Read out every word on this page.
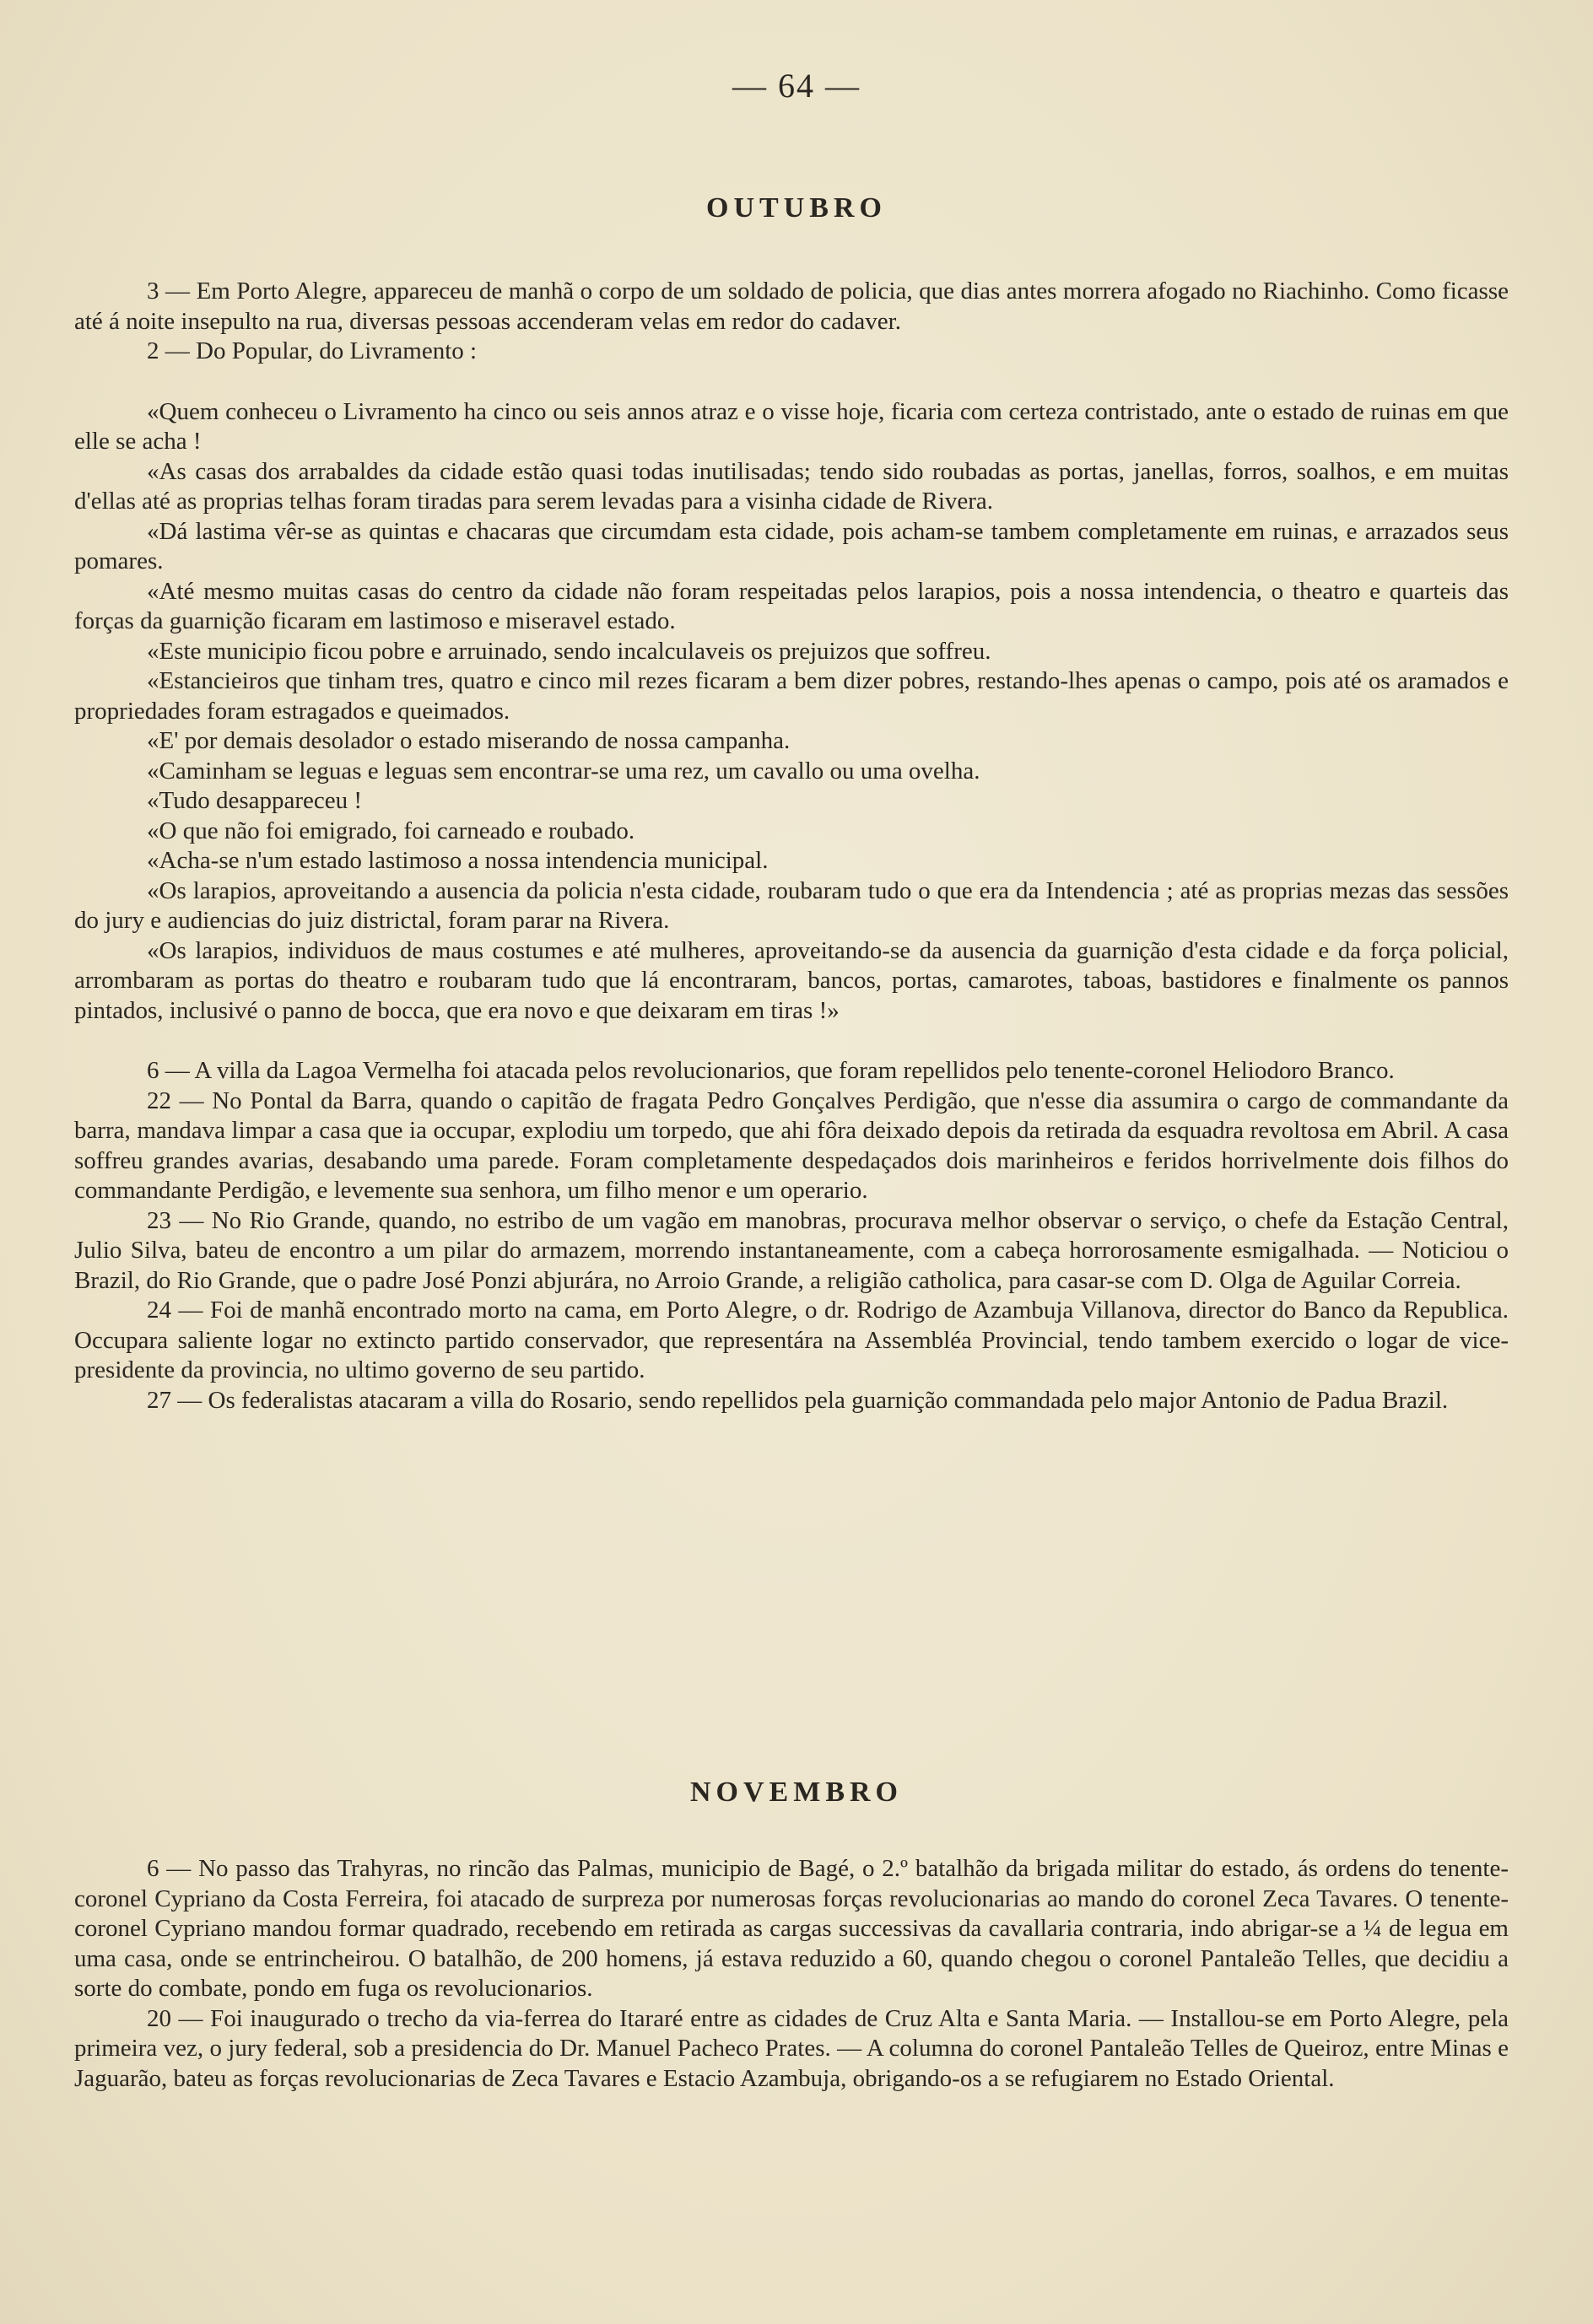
— 64 —
OUTUBRO

3 — Em Porto Alegre, appareceu de manhã o corpo de um soldado de policia, que dias antes morrera afogado no Riachinho. Como ficasse até á noite insepulto na rua, diversas pessoas accenderam velas em redor do cadaver.

2 — Do Popular, do Livramento :

«Quem conheceu o Livramento ha cinco ou seis annos atraz e o visse hoje, ficaria com certeza contristado, ante o estado de ruinas em que elle se acha !

«As casas dos arrabaldes da cidade estão quasi todas inutilisadas; tendo sido roubadas as portas, janellas, forros, soalhos, e em muitas d'ellas até as proprias telhas foram tiradas para serem levadas para a visinha cidade de Rivera.

«Dá lastima vêr-se as quintas e chacaras que circumdam esta cidade, pois acham-se tambem completamente em ruinas, e arrazados seus pomares.

«Até mesmo muitas casas do centro da cidade não foram respeitadas pelos larapios, pois a nossa intendencia, o theatro e quarteis das forças da guarnição ficaram em lastimoso e miseravel estado.

«Este municipio ficou pobre e arruinado, sendo incalculaveis os prejuizos que soffreu.

«Estancieiros que tinham tres, quatro e cinco mil rezes ficaram a bem dizer pobres, restando-lhes apenas o campo, pois até os aramados e propriedades foram estragados e queimados.

«E' por demais desolador o estado miserando de nossa campanha.

«Caminham se leguas e leguas sem encontrar-se uma rez, um cavallo ou uma ovelha.

«Tudo desappareceu !

«O que não foi emigrado, foi carneado e roubado.

«Acha-se n'um estado lastimoso a nossa intendencia municipal.

«Os larapios, aproveitando a ausencia da policia n'esta cidade, roubaram tudo o que era da Intendencia ; até as proprias mezas das sessões do jury e audiencias do juiz districtal, foram parar na Rivera.

«Os larapios, individuos de maus costumes e até mulheres, aproveitando-se da ausencia da guarnição d'esta cidade e da força policial, arrombaram as portas do theatro e roubaram tudo que lá encontraram, bancos, portas, camarotes, taboas, bastidores e finalmente os pannos pintados, inclusivé o panno de bocca, que era novo e que deixaram em tiras !»

6 — A villa da Lagoa Vermelha foi atacada pelos revolucionarios, que foram repellidos pelo tenente-coronel Heliodoro Branco.

22 — No Pontal da Barra, quando o capitão de fragata Pedro Gonçalves Perdigão, que n'esse dia assumira o cargo de commandante da barra, mandava limpar a casa que ia occupar, explodiu um torpedo, que ahi fôra deixado depois da retirada da esquadra revoltosa em Abril. A casa soffreu grandes avarias, desabando uma parede. Foram completamente despedaçados dois marinheiros e feridos horrivelmente dois filhos do commandante Perdigão, e levemente sua senhora, um filho menor e um operario.

23 — No Rio Grande, quando, no estribo de um vagão em manobras, procurava melhor observar o serviço, o chefe da Estação Central, Julio Silva, bateu de encontro a um pilar do armazem, morrendo instantaneamente, com a cabeça horrorosamente esmigalhada. — Noticiou o Brazil, do Rio Grande, que o padre José Ponzi abjurára, no Arroio Grande, a religião catholica, para casar-se com D. Olga de Aguilar Correia.

24 — Foi de manhã encontrado morto na cama, em Porto Alegre, o dr. Rodrigo de Azambuja Villanova, director do Banco da Republica. Occupara saliente logar no extincto partido conservador, que representára na Assembléa Provincial, tendo tambem exercido o logar de vice-presidente da provincia, no ultimo governo de seu partido.

27 — Os federalistas atacaram a villa do Rosario, sendo repellidos pela guarnição commandada pelo major Antonio de Padua Brazil.

NOVEMBRO

6 — No passo das Trahyras, no rincão das Palmas, municipio de Bagé, o 2.º batalhão da brigada militar do estado, ás ordens do tenente-coronel Cypriano da Costa Ferreira, foi atacado de surpreza por numerosas forças revolucionarias ao mando do coronel Zeca Tavares. O tenente-coronel Cypriano mandou formar quadrado, recebendo em retirada as cargas successivas da cavallaria contraria, indo abrigar-se a ¼ de legua em uma casa, onde se entrincheirou. O batalhão, de 200 homens, já estava reduzido a 60, quando chegou o coronel Pantaleão Telles, que decidiu a sorte do combate, pondo em fuga os revolucionarios.

20 — Foi inaugurado o trecho da via-ferrea do Itararé entre as cidades de Cruz Alta e Santa Maria. — Installou-se em Porto Alegre, pela primeira vez, o jury federal, sob a presidencia do Dr. Manuel Pacheco Prates. — A columna do coronel Pantaleão Telles de Queiroz, entre Minas e Jaguarão, bateu as forças revolucionarias de Zeca Tavares e Estacio Azambuja, obrigando-os a se refugiarem no Estado Oriental.
